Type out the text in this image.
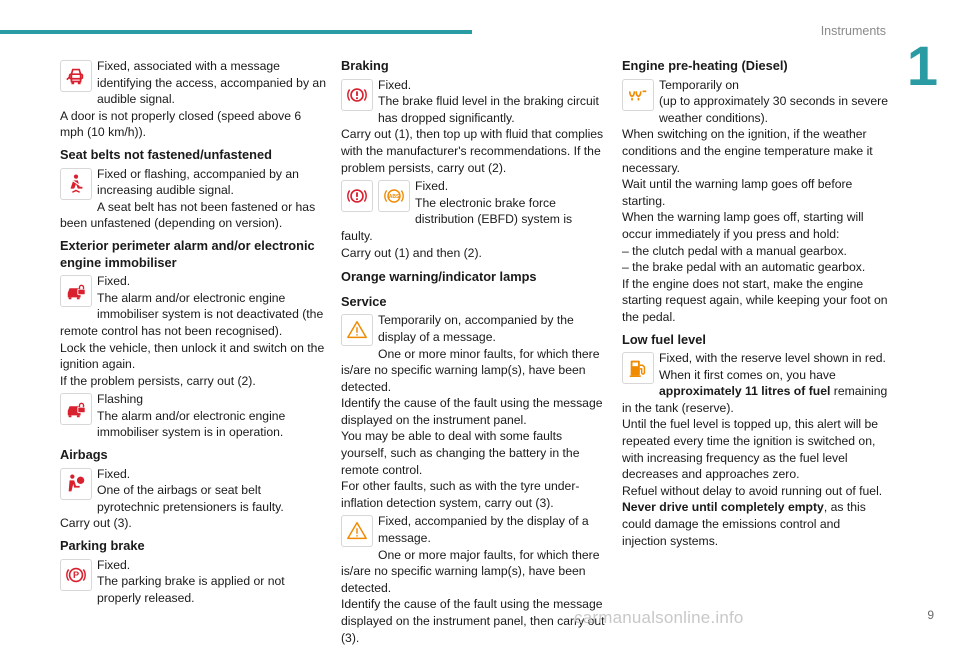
Instruments
1

Fixed, associated with a message identifying the access, accompanied by an audible signal.

A door is not properly closed (speed above 6 mph (10 km/h)).

Seat belts not fastened/unfastened

Fixed or flashing, accompanied by an increasing audible signal.

A seat belt has not been fastened or has been unfastened (depending on version).

Exterior perimeter alarm and/or electronic engine immobiliser

Fixed.

The alarm and/or electronic engine immobiliser system is not deactivated (the remote control has not been recognised).

Lock the vehicle, then unlock it and switch on the ignition again.

If the problem persists, carry out (2).

Flashing

The alarm and/or electronic engine immobiliser system is in operation.

Airbags

Fixed.

One of the airbags or seat belt pyrotechnic pretensioners is faulty.

Carry out (3).

Parking brake
P

Fixed.

The parking brake is applied or not properly released.

Braking

Fixed.

The brake fluid level in the braking circuit has dropped significantly.

Carry out (1), then top up with fluid that complies with the manufacturer's recommendations. If the problem persists, carry out (2).

ABS

Fixed.

The electronic brake force distribution (EBFD) system is faulty.

Carry out (1) and then (2).

Orange warning/indicator lamps
Service

Temporarily on, accompanied by the display of a message.

One or more minor faults, for which there is/are no specific warning lamp(s), have been detected.

Identify the cause of the fault using the message displayed on the instrument panel.

You may be able to deal with some faults yourself, such as changing the battery in the remote control.

For other faults, such as with the tyre under-inflation detection system, carry out (3).

Fixed, accompanied by the display of a message.

One or more major faults, for which there is/are no specific warning lamp(s), have been detected.

Identify the cause of the fault using the message displayed on the instrument panel, then carry out (3).

Engine pre-heating (Diesel)

Temporarily on

(up to approximately 30 seconds in severe weather conditions).

When switching on the ignition, if the weather conditions and the engine temperature make it necessary.

Wait until the warning lamp goes off before starting.

When the warning lamp goes off, starting will occur immediately if you press and hold:

– the clutch pedal with a manual gearbox.

– the brake pedal with an automatic gearbox.

If the engine does not start, make the engine starting request again, while keeping your foot on the pedal.

Low fuel level

Fixed, with the reserve level shown in red.

When it first comes on, you have

approximately 11 litres of fuel remaining in the tank (reserve).

Until the fuel level is topped up, this alert will be repeated every time the ignition is switched on, with increasing frequency as the fuel level decreases and approaches zero.

Refuel without delay to avoid running out of fuel.

Never drive until completely empty, as this could damage the emissions control and injection systems.

carmanualsonline.info	9
